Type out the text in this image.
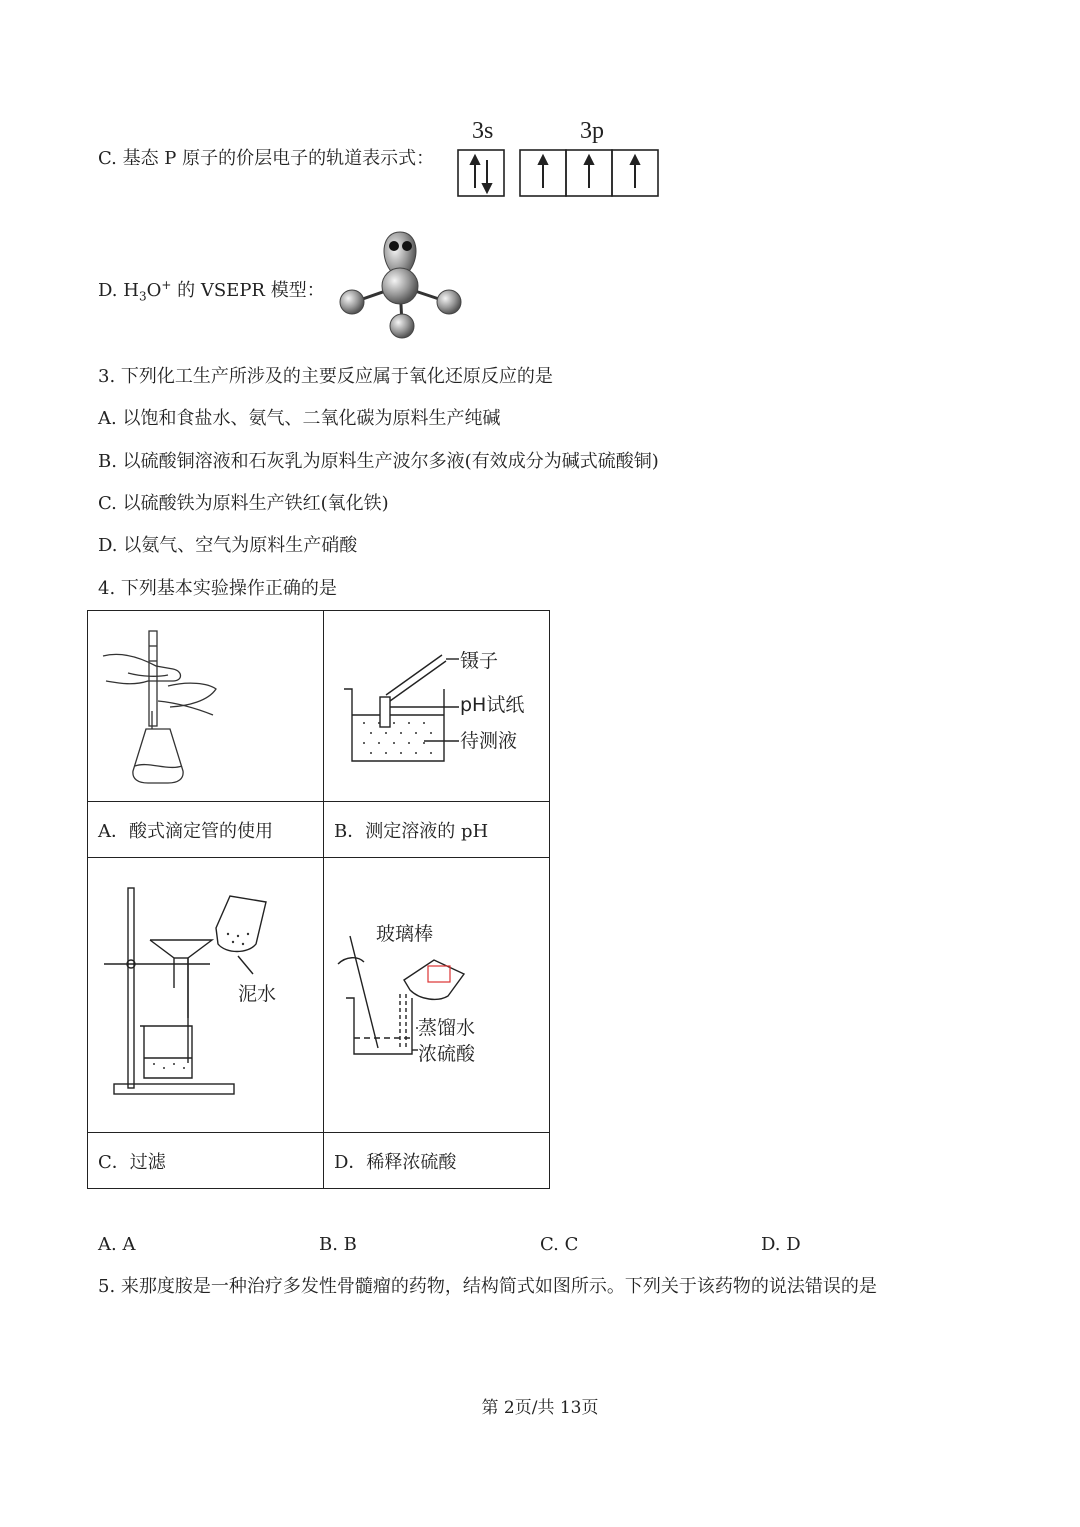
C. 基态 P 原子的价层电子的轨道表示式：
3s	3p
D. $H_3O^+$ 的 VSEPR 模型：
3. 下列化工生产所涉及的主要反应属于氧化还原反应的是
A. 以饱和食盐水、氨气、二氧化碳为原料生产纯碱
B. 以硫酸铜溶液和石灰乳为原料生产波尔多液(有效成分为碱式硫酸铜)
C. 以硫酸铁为原料生产铁红(氧化铁)
D. 以氨气、空气为原料生产硝酸
4. 下列基本实验操作正确的是

镊子
pH试纸
待测液

A．酸式滴定管的使用	B．测定溶液的 pH

泥水	玻璃棒
蒸馏水
浓硫酸

C．过滤	D．稀释浓硫酸
A. A	B. B	C. C	D. D
5. 来那度胺是一种治疗多发性骨髓瘤的药物，结构简式如图所示。下列关于该药物的说法错误的是
第 2页/共 13页
